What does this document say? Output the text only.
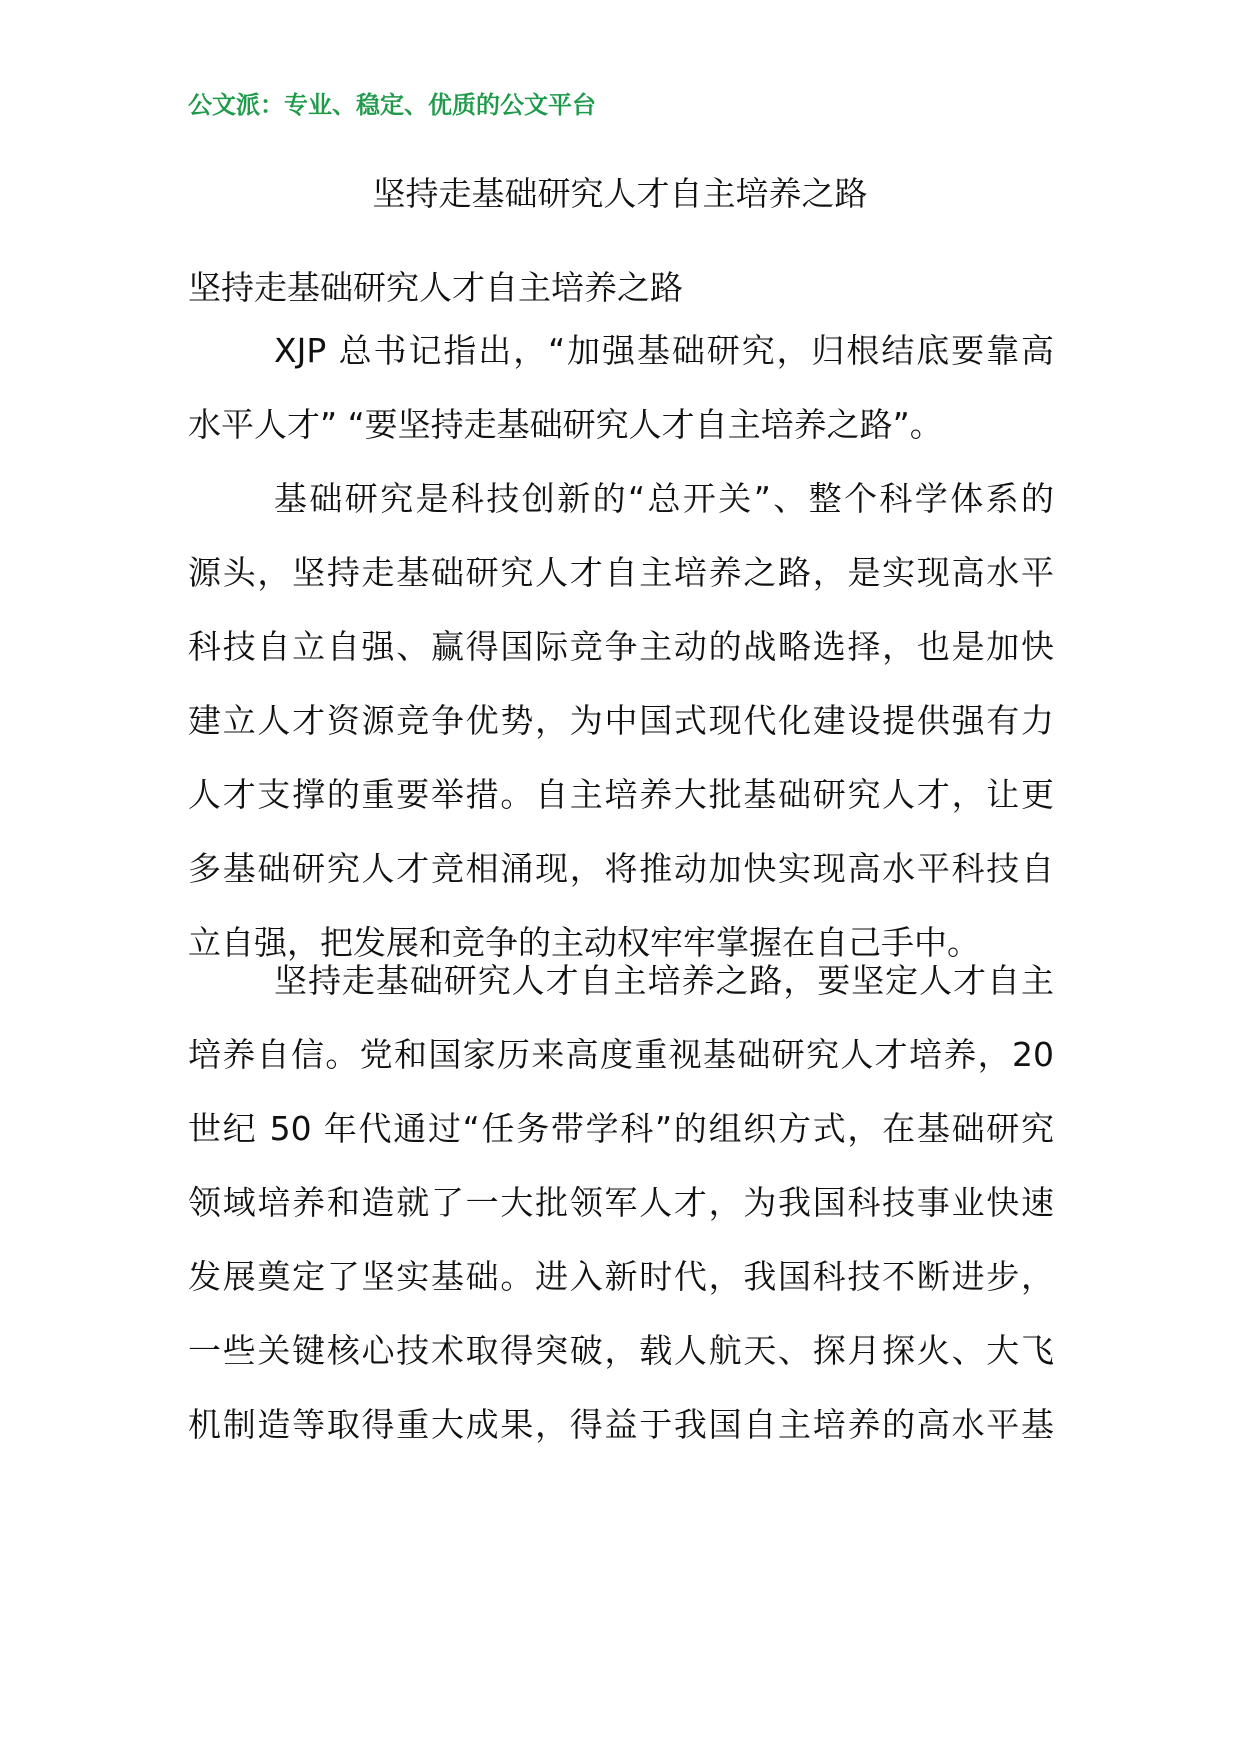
公文派：专业、稳定、优质的公文平台
坚持走基础研究人才自主培养之路
坚持走基础研究人才自主培养之路
XJP 总书记指出，“加强基础研究，归根结底要靠高
水平人才” “要坚持走基础研究人才自主培养之路”。
基础研究是科技创新的“总开关”、整个科学体系的
源头，坚持走基础研究人才自主培养之路，是实现高水平
科技自立自强、赢得国际竞争主动的战略选择，也是加快
建立人才资源竞争优势，为中国式现代化建设提供强有力
人才支撑的重要举措。自主培养大批基础研究人才，让更
多基础研究人才竞相涌现，将推动加快实现高水平科技自
立自强，把发展和竞争的主动权牢牢掌握在自己手中。
坚持走基础研究人才自主培养之路，要坚定人才自主
培养自信。党和国家历来高度重视基础研究人才培养，20
世纪 50 年代通过“任务带学科”的组织方式，在基础研究
领域培养和造就了一大批领军人才，为我国科技事业快速
发展奠定了坚实基础。进入新时代，我国科技不断进步，
一些关键核心技术取得突破，载人航天、探月探火、大飞
机制造等取得重大成果，得益于我国自主培养的高水平基
